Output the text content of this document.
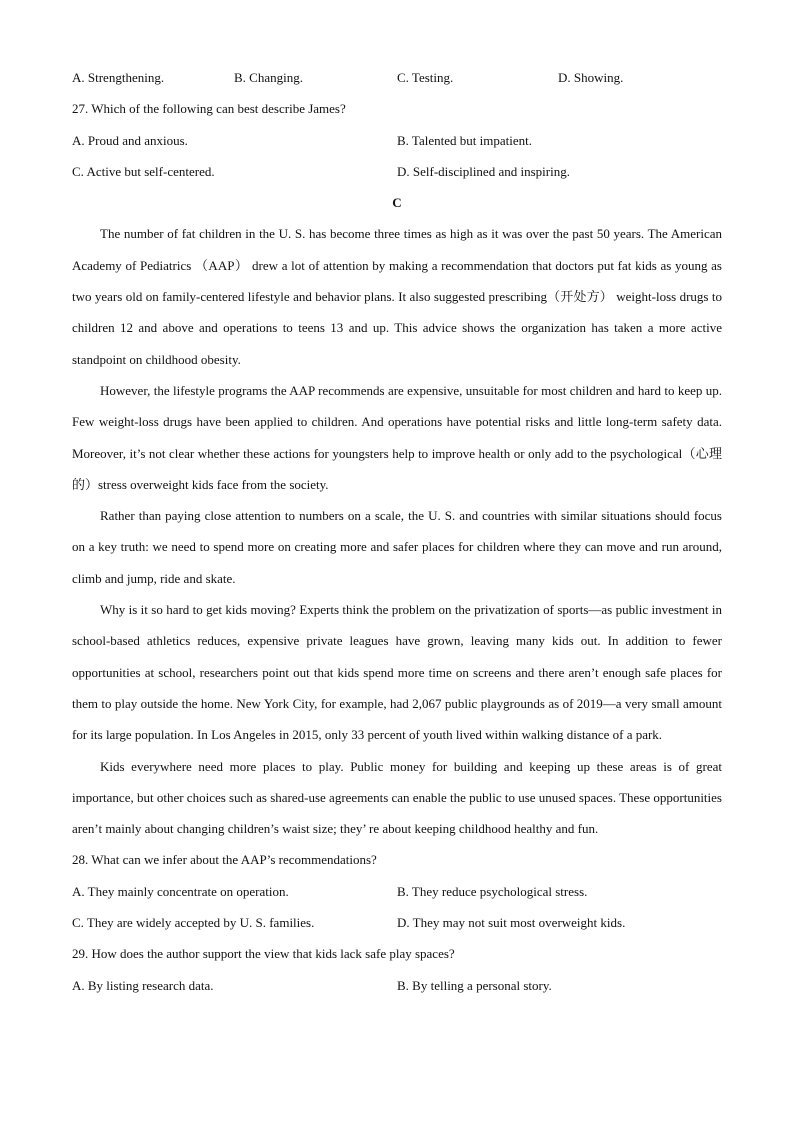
A. Strengthening.	B. Changing.	C. Testing.	D. Showing.
27. Which of the following can best describe James?
A. Proud and anxious.	B. Talented but impatient.
C. Active but self-centered.	D. Self-disciplined and inspiring.
C

The number of fat children in the U. S. has become three times as high as it was over the past 50 years. The American Academy of Pediatrics （AAP） drew a lot of attention by making a recommendation that doctors put fat kids as young as two years old on family-centered lifestyle and behavior plans. It also suggested prescribing（开处方） weight-loss drugs to children 12 and above and operations to teens 13 and up. This advice shows the organization has taken a more active standpoint on childhood obesity.

However, the lifestyle programs the AAP recommends are expensive, unsuitable for most children and hard to keep up. Few weight-loss drugs have been applied to children. And operations have potential risks and little long-term safety data. Moreover, it’s not clear whether these actions for youngsters help to improve health or only add to the psychological（心理的）stress overweight kids face from the society.

Rather than paying close attention to numbers on a scale, the U. S. and countries with similar situations should focus on a key truth: we need to spend more on creating more and safer places for children where they can move and run around, climb and jump, ride and skate.

Why is it so hard to get kids moving? Experts think the problem on the privatization of sports—as public investment in school-based athletics reduces, expensive private leagues have grown, leaving many kids out. In addition to fewer opportunities at school, researchers point out that kids spend more time on screens and there aren’t enough safe places for them to play outside the home. New York City, for example, had 2,067 public playgrounds as of 2019—a very small amount for its large population. In Los Angeles in 2015, only 33 percent of youth lived within walking distance of a park.

Kids everywhere need more places to play. Public money for building and keeping up these areas is of great importance, but other choices such as shared-use agreements can enable the public to use unused spaces. These opportunities aren’t mainly about changing children’s waist size; they’ re about keeping childhood healthy and fun.

28. What can we infer about the AAP’s recommendations?
A. They mainly concentrate on operation.	B. They reduce psychological stress.
C. They are widely accepted by U. S. families.	D. They may not suit most overweight kids.
29. How does the author support the view that kids lack safe play spaces?
A. By listing research data.	B. By telling a personal story.
